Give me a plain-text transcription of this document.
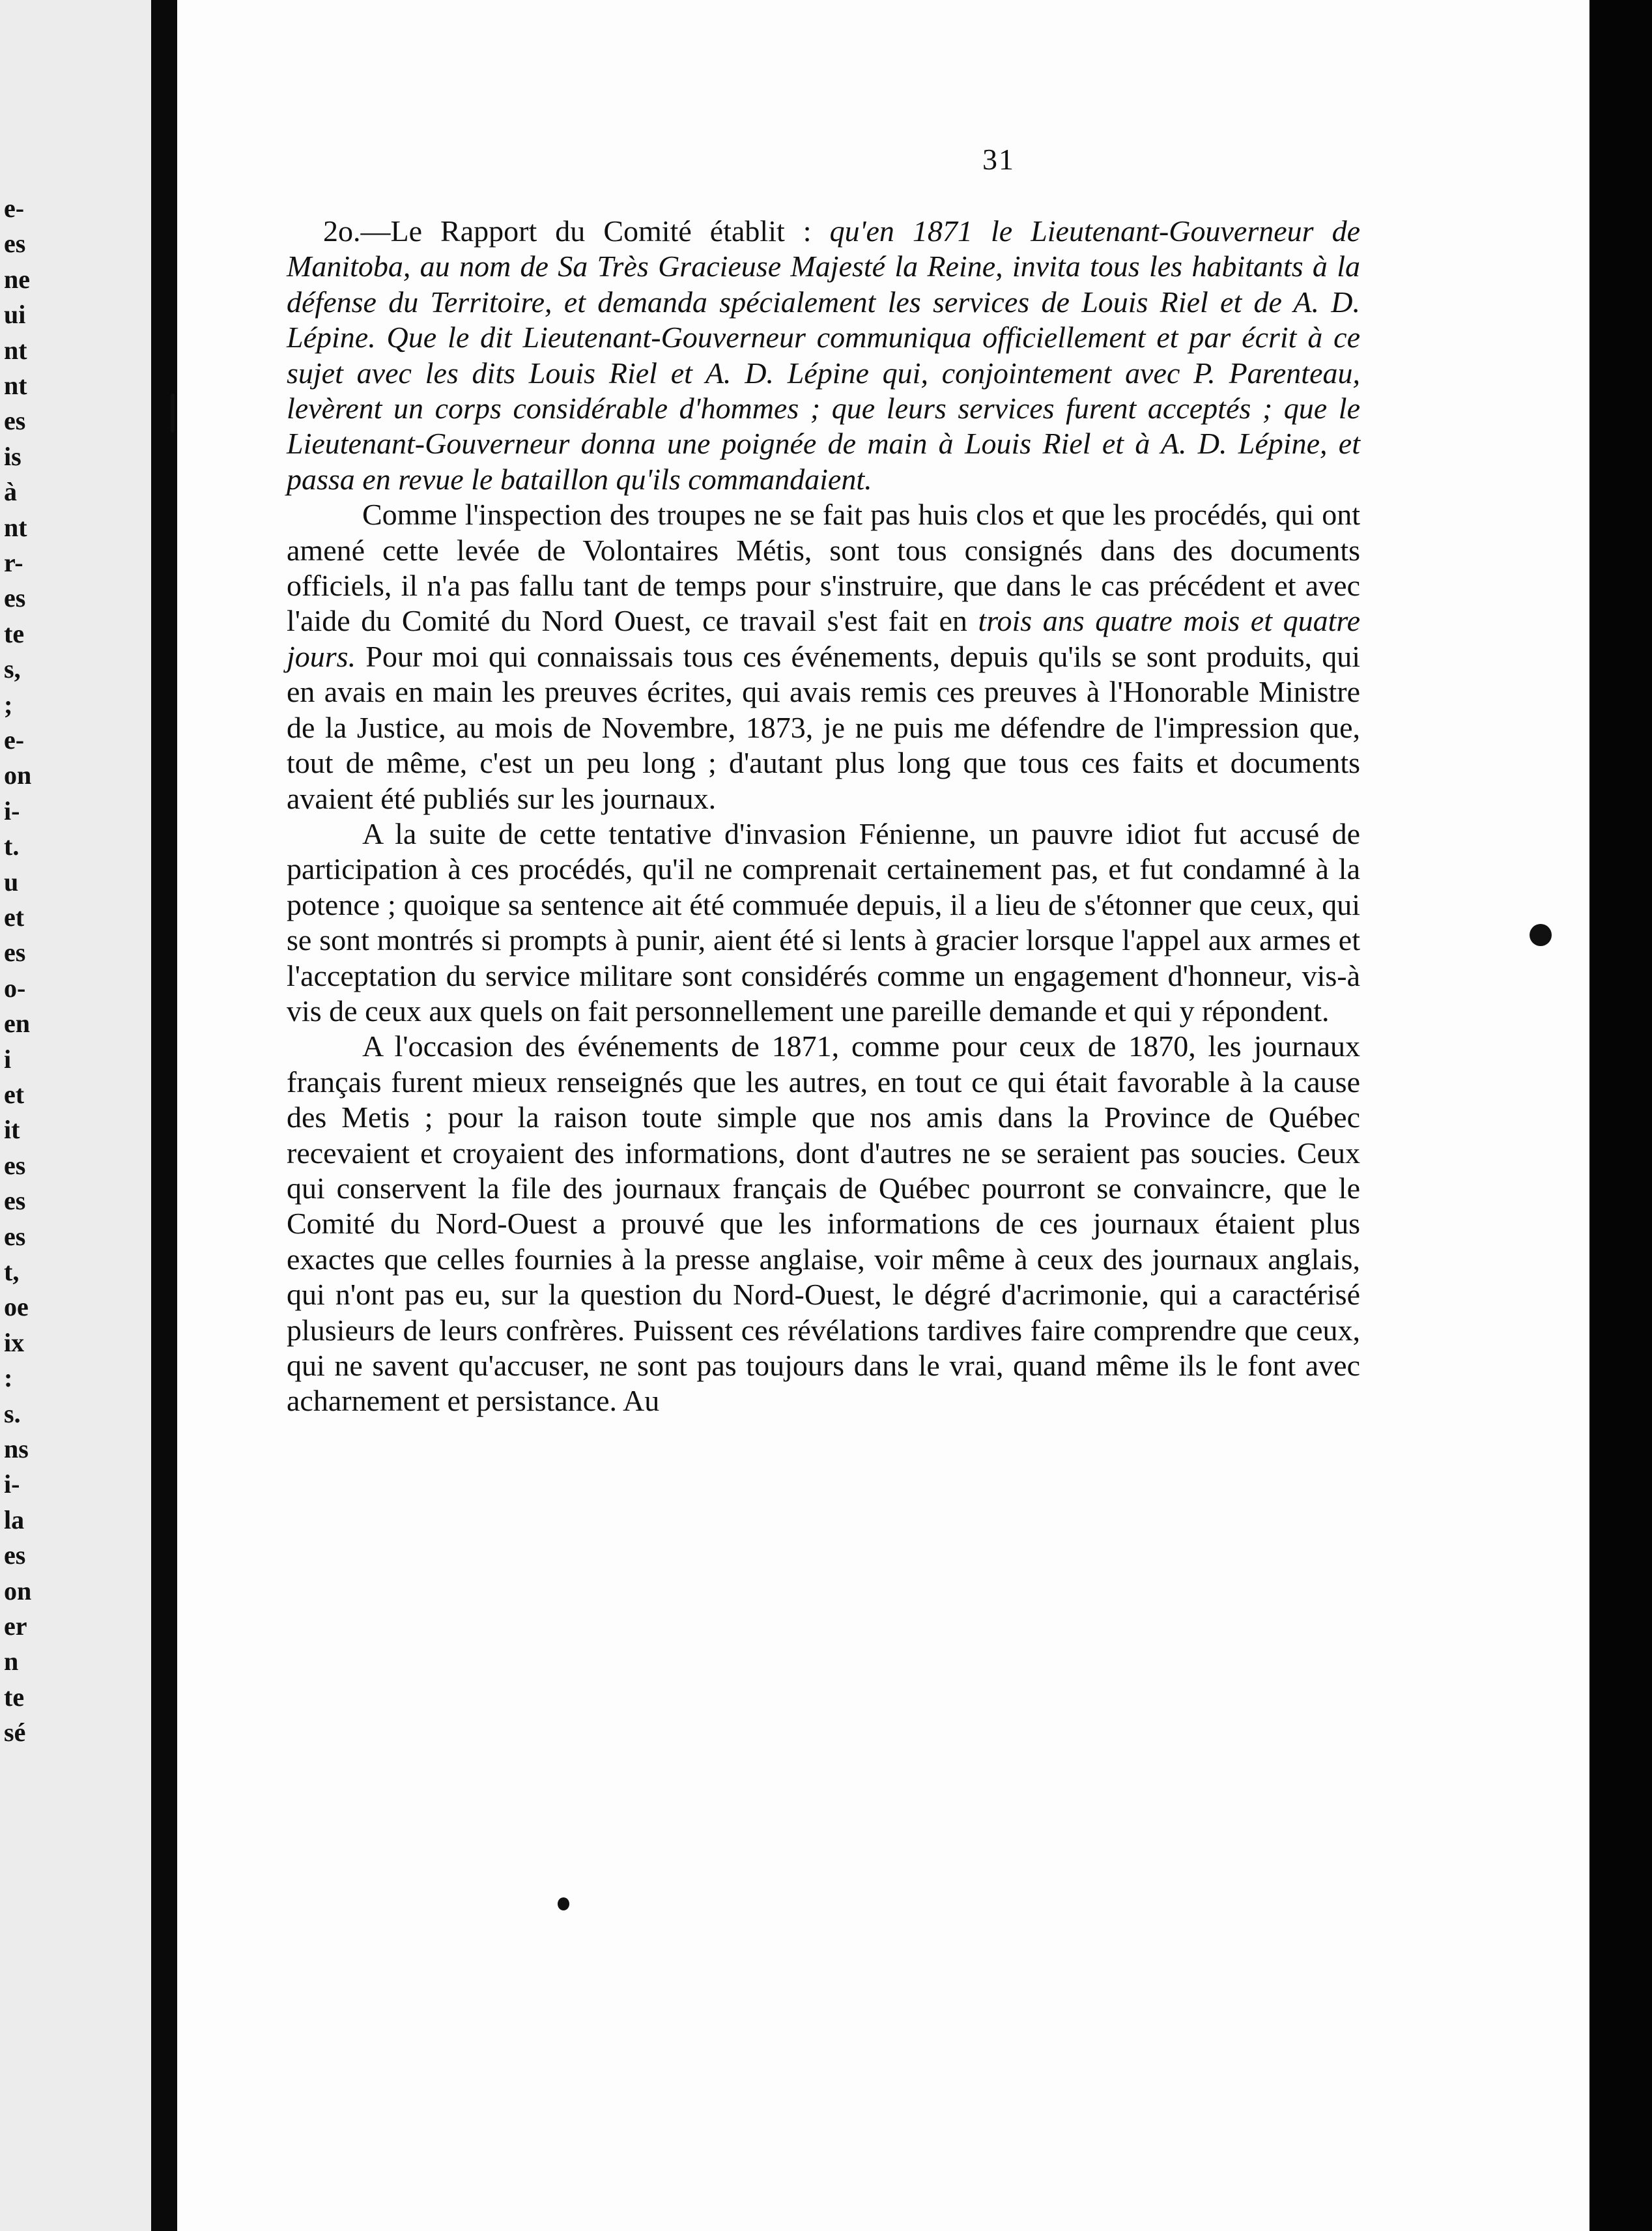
e-
es
ne
ui
nt
nt
es
is
à
nt
r-
es
te
s,
;
e-
on
i-
t.
u
et
es
o-
en
i
et
it
es
es
es
t,
oe
ix
:
s.
ns
i-
la
es
on
er
n
te
sé
31

2o.—Le Rapport du Comité établit : qu'en 1871 le Lieutenant-Gouverneur de Manitoba, au nom de Sa Très Gracieuse Majesté la Reine, invita tous les habitants à la défense du Territoire, et demanda spécialement les services de Louis Riel et de A. D. Lépine. Que le dit Lieutenant-Gouverneur communiqua officiellement et par écrit à ce sujet avec les dits Louis Riel et A. D. Lépine qui, conjointement avec P. Parenteau, levèrent un corps considérable d'hommes ; que leurs services furent acceptés ; que le Lieutenant-Gouverneur donna une poignée de main à Louis Riel et à A. D. Lépine, et passa en revue le bataillon qu'ils commandaient.

Comme l'inspection des troupes ne se fait pas huis clos et que les procédés, qui ont amené cette levée de Volontaires Métis, sont tous consignés dans des documents officiels, il n'a pas fallu tant de temps pour s'instruire, que dans le cas précédent et avec l'aide du Comité du Nord Ouest, ce travail s'est fait en trois ans quatre mois et quatre jours. Pour moi qui connaissais tous ces événements, depuis qu'ils se sont produits, qui en avais en main les preuves écrites, qui avais remis ces preuves à l'Honorable Ministre de la Justice, au mois de Novembre, 1873, je ne puis me défendre de l'impression que, tout de même, c'est un peu long ; d'autant plus long que tous ces faits et documents avaient été publiés sur les journaux.

A la suite de cette tentative d'invasion Fénienne, un pauvre idiot fut accusé de participation à ces procédés, qu'il ne comprenait certainement pas, et fut condamné à la potence ; quoique sa sentence ait été commuée depuis, il a lieu de s'étonner que ceux, qui se sont montrés si prompts à punir, aient été si lents à gracier lorsque l'appel aux armes et l'acceptation du service militare sont considérés comme un engagement d'honneur, vis-à vis de ceux aux quels on fait personnellement une pareille demande et qui y répondent.

A l'occasion des événements de 1871, comme pour ceux de 1870, les journaux français furent mieux renseignés que les autres, en tout ce qui était favorable à la cause des Metis ; pour la raison toute simple que nos amis dans la Province de Québec recevaient et croyaient des informations, dont d'autres ne se seraient pas soucies. Ceux qui conservent la file des journaux français de Québec pourront se convaincre, que le Comité du Nord-Ouest a prouvé que les informations de ces journaux étaient plus exactes que celles fournies à la presse anglaise, voir même à ceux des journaux anglais, qui n'ont pas eu, sur la question du Nord-Ouest, le dégré d'acrimonie, qui a caractérisé plusieurs de leurs confrères. Puissent ces révélations tardives faire comprendre que ceux, qui ne savent qu'accuser, ne sont pas toujours dans le vrai, quand même ils le font avec acharnement et persistance. Au
